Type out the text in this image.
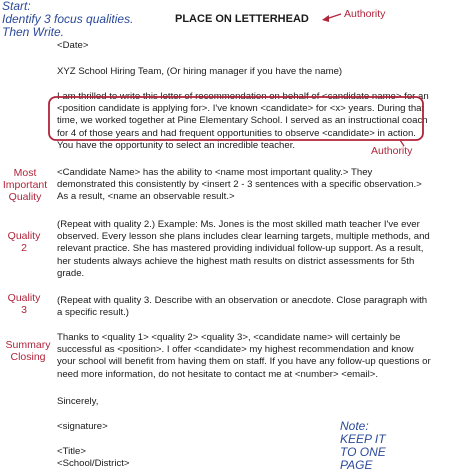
Start:
Identify 3 focus qualities.
Then Write.
PLACE ON LETTERHEAD	Authority
Most
Important
Quality
Quality
2
Quality
3
Summary
Closing
<Date>
XYZ School Hiring Team, (Or hiring manager if you have the name)
I am thrilled to write this letter of recommendation on behalf of <candidate name> for an
<position candidate is applying for>. I've known <candidate> for <x> years. During that
time, we worked together at Pine Elementary School. I served as an instructional coach
for 4 of those years and had frequent opportunities to observe <candidate> in action.
You have the opportunity to select an incredible teacher.
<Candidate Name> has the ability to <name most important quality.> They
demonstrated this consistently by <insert 2 - 3 sentences with a specific observation.>
As a result, <name an observable result.>
(Repeat with quality 2.) Example: Ms. Jones is the most skilled math teacher I've ever
observed. Every lesson she plans includes clear learning targets, multiple methods, and
relevant practice. She has mastered providing individual follow-up support. As a result,
her students always achieve the highest math results on district assessments for 5th
grade.
(Repeat with quality 3. Describe with an observation or anecdote. Close paragraph with
a specific result.)
Thanks to <quality 1> <quality 2> <quality 3>, <candidate name> will certainly be
successful as <position>. I offer <candidate> my highest recommendation and know
your school will benefit from having them on staff. If you have any follow-up questions or
need more information, do not hesitate to contact me at <number> <email>.
Sincerely,
<signature>
<Title>
<School/District>
Authority
Note:
KEEP IT
TO ONE
PAGE
